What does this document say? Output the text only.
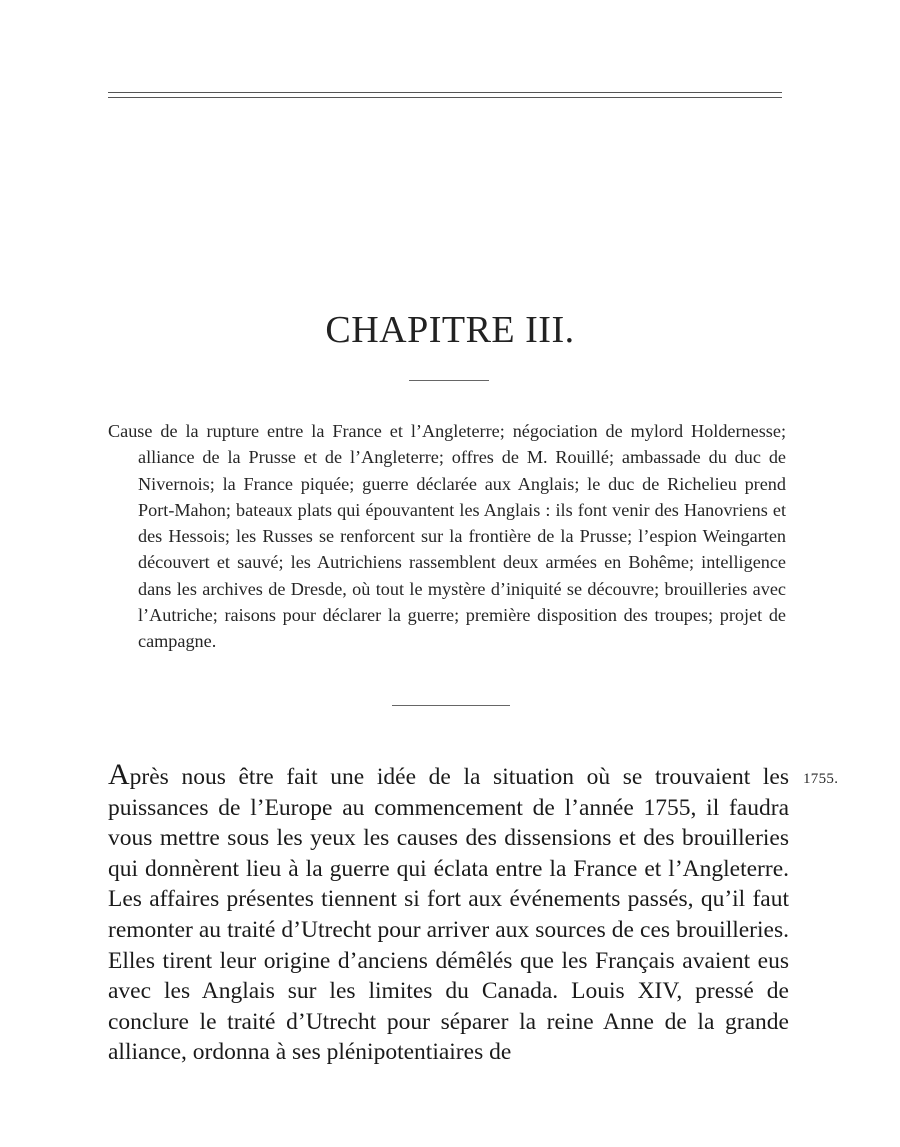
CHAPITRE III.
Cause de la rupture entre la France et l’Angleterre; négociation de mylord Holdernesse; alliance de la Prusse et de l’Angleterre; offres de M. Rouillé; ambassade du duc de Nivernois; la France piquée; guerre déclarée aux Anglais; le duc de Richelieu prend Port-Mahon; bateaux plats qui épouvantent les Anglais : ils font venir des Hanovriens et des Hessois; les Russes se renforcent sur la frontière de la Prusse; l’espion Weingarten découvert et sauvé; les Autrichiens rassemblent deux armées en Bohême; intelligence dans les archives de Dresde, où tout le mystère d’iniquité se découvre; brouilleries avec l’Autriche; raisons pour déclarer la guerre; première disposition des troupes; projet de campagne.
Après nous être fait une idée de la situation où se trouvaient les puissances de l’Europe au commencement de l’année 1755, il faudra vous mettre sous les yeux les causes des dissensions et des brouilleries qui donnèrent lieu à la guerre qui éclata entre la France et l’Angleterre. Les affaires présentes tiennent si fort aux événements passés, qu’il faut remonter au traité d’Utrecht pour arriver aux sources de ces brouilleries. Elles tirent leur origine d’anciens démêlés que les Français avaient eus avec les Anglais sur les limites du Canada. Louis XIV, pressé de conclure le traité d’Utrecht pour séparer la reine Anne de la grande alliance, ordonna à ses plénipotentiaires de
1755.
